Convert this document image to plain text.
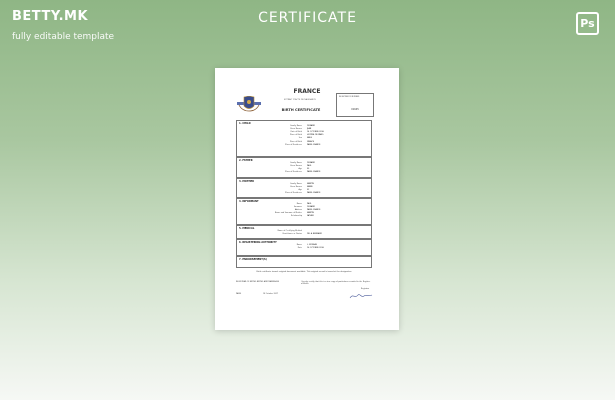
BETTY.MK
fully editable template
CERTIFICATE	Ps
FRANCE
EXTRAIT D'ACTE DE NAISSANCE
BIRTH CERTIFICATE
REGISTRATION NUMBER
01645
1. CHILD
Family Name	DURAND
Given Names	JEAN
Date of Birth	14 OCTOBRE 2016
Place of Birth	HOPITAL DE PARIS
Sex	MALE
Place of Birth	FRANCE
Place of Residence	PARIS, FRANCE
2. FATHER
Family Name	DURAND
Given Names	PAUL
Age	35
Place of Residence	PARIS, FRANCE
3. MOTHER
Family Name	MARTIN
Given Names	MARIE
Age	32
Place of Residence	PARIS, FRANCE
4. INFORMANT
Name	PAUL
Surname	DURAND
Address	PARIS, FRANCE
Name and Surname of Mother	MARTIN
Relationship	FATHER
5. MEDICAL
Name of Certifying Medical
Practitioner or Doctor	DR. A. BERNARD
6. REGISTERING AUTHORITY
Name	L. MOREAU
Date	16 OCTOBRE 2016
7. ENDORSEMENT(S)
Birth certificate issued, original document available. This original record is issued at the designation
REGISTRAR OF BIRTHS BIRTHS AND MARRIAGES	I hereby certify that this is a true copy of particulars recorded in the Register of Births
Registrar
PARIS	18 October 2017
